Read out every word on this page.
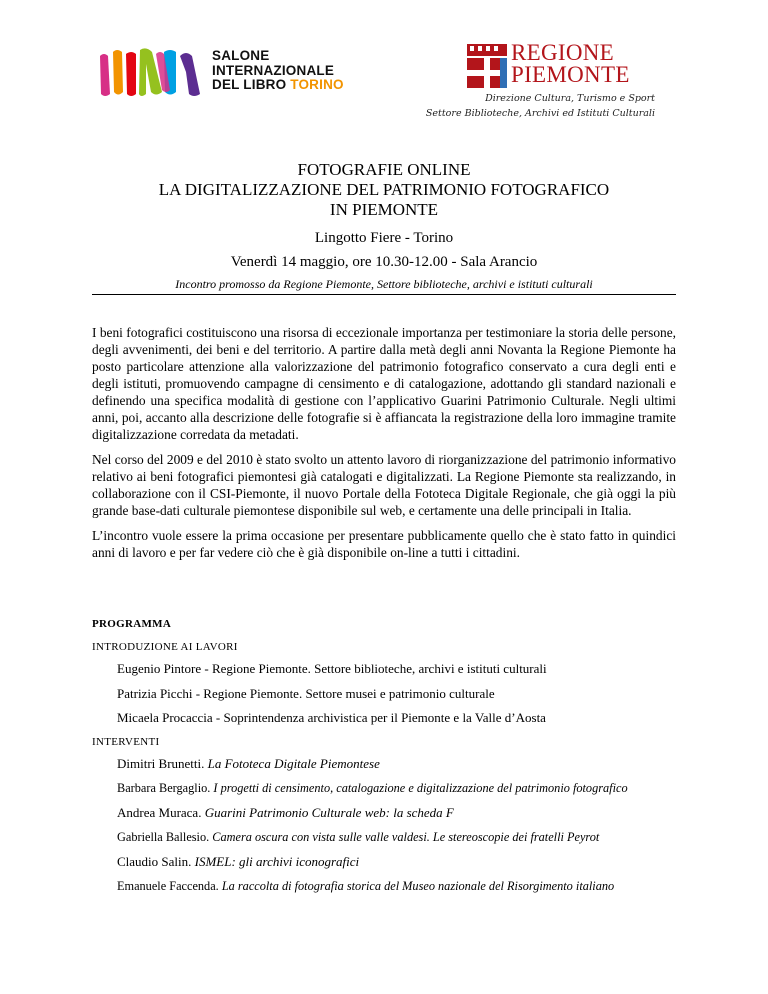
SALONE
INTERNAZIONALE
DEL LIBRO TORINO
REGIONE
PIEMONTE
Direzione Cultura, Turismo e Sport
Settore Biblioteche, Archivi ed Istituti Culturali
FOTOGRAFIE ONLINE
LA DIGITALIZZAZIONE DEL PATRIMONIO FOTOGRAFICO
IN PIEMONTE
Lingotto Fiere - Torino
Venerdì 14 maggio, ore 10.30-12.00 - Sala Arancio
Incontro promosso da Regione Piemonte, Settore biblioteche, archivi e istituti culturali

I beni fotografici costituiscono una risorsa di eccezionale importanza per testimoniare la storia delle persone, degli avvenimenti, dei beni e del territorio. A partire dalla metà degli anni Novanta la Regione Piemonte ha posto particolare attenzione alla valorizzazione del patrimonio fotografico conservato a cura degli enti e degli istituti, promuovendo campagne di censimento e di catalogazione, adottando gli standard nazionali e definendo una specifica modalità di gestione con l’applicativo Guarini Patrimonio Culturale. Negli ultimi anni, poi, accanto alla descrizione delle fotografie si è affiancata la registrazione della loro immagine tramite digitalizzazione corredata da metadati.

Nel corso del 2009 e del 2010 è stato svolto un attento lavoro di riorganizzazione del patrimonio informativo relativo ai beni fotografici piemontesi già catalogati e digitalizzati. La Regione Piemonte sta realizzando, in collaborazione con il CSI-Piemonte, il nuovo Portale della Fototeca Digitale Regionale, che già oggi la più grande base-dati culturale piemontese disponibile sul web, e certamente una delle principali in Italia.

L’incontro vuole essere la prima occasione per presentare pubblicamente quello che è stato fatto in quindici anni di lavoro e per far vedere ciò che è già disponibile on-line a tutti i cittadini.

PROGRAMMA
INTRODUZIONE AI LAVORI
Eugenio Pintore - Regione Piemonte. Settore biblioteche, archivi e istituti culturali
Patrizia Picchi - Regione Piemonte. Settore musei e patrimonio culturale
Micaela Procaccia - Soprintendenza archivistica per il Piemonte e la Valle d’Aosta
INTERVENTI
Dimitri Brunetti. La Fototeca Digitale Piemontese
Barbara Bergaglio. I progetti di censimento, catalogazione e digitalizzazione del patrimonio fotografico
Andrea Muraca. Guarini Patrimonio Culturale web: la scheda F
Gabriella Ballesio. Camera oscura con vista sulle valle valdesi. Le stereoscopie dei fratelli Peyrot
Claudio Salin. ISMEL: gli archivi iconografici
Emanuele Faccenda. La raccolta di fotografia storica del Museo nazionale del Risorgimento italiano
